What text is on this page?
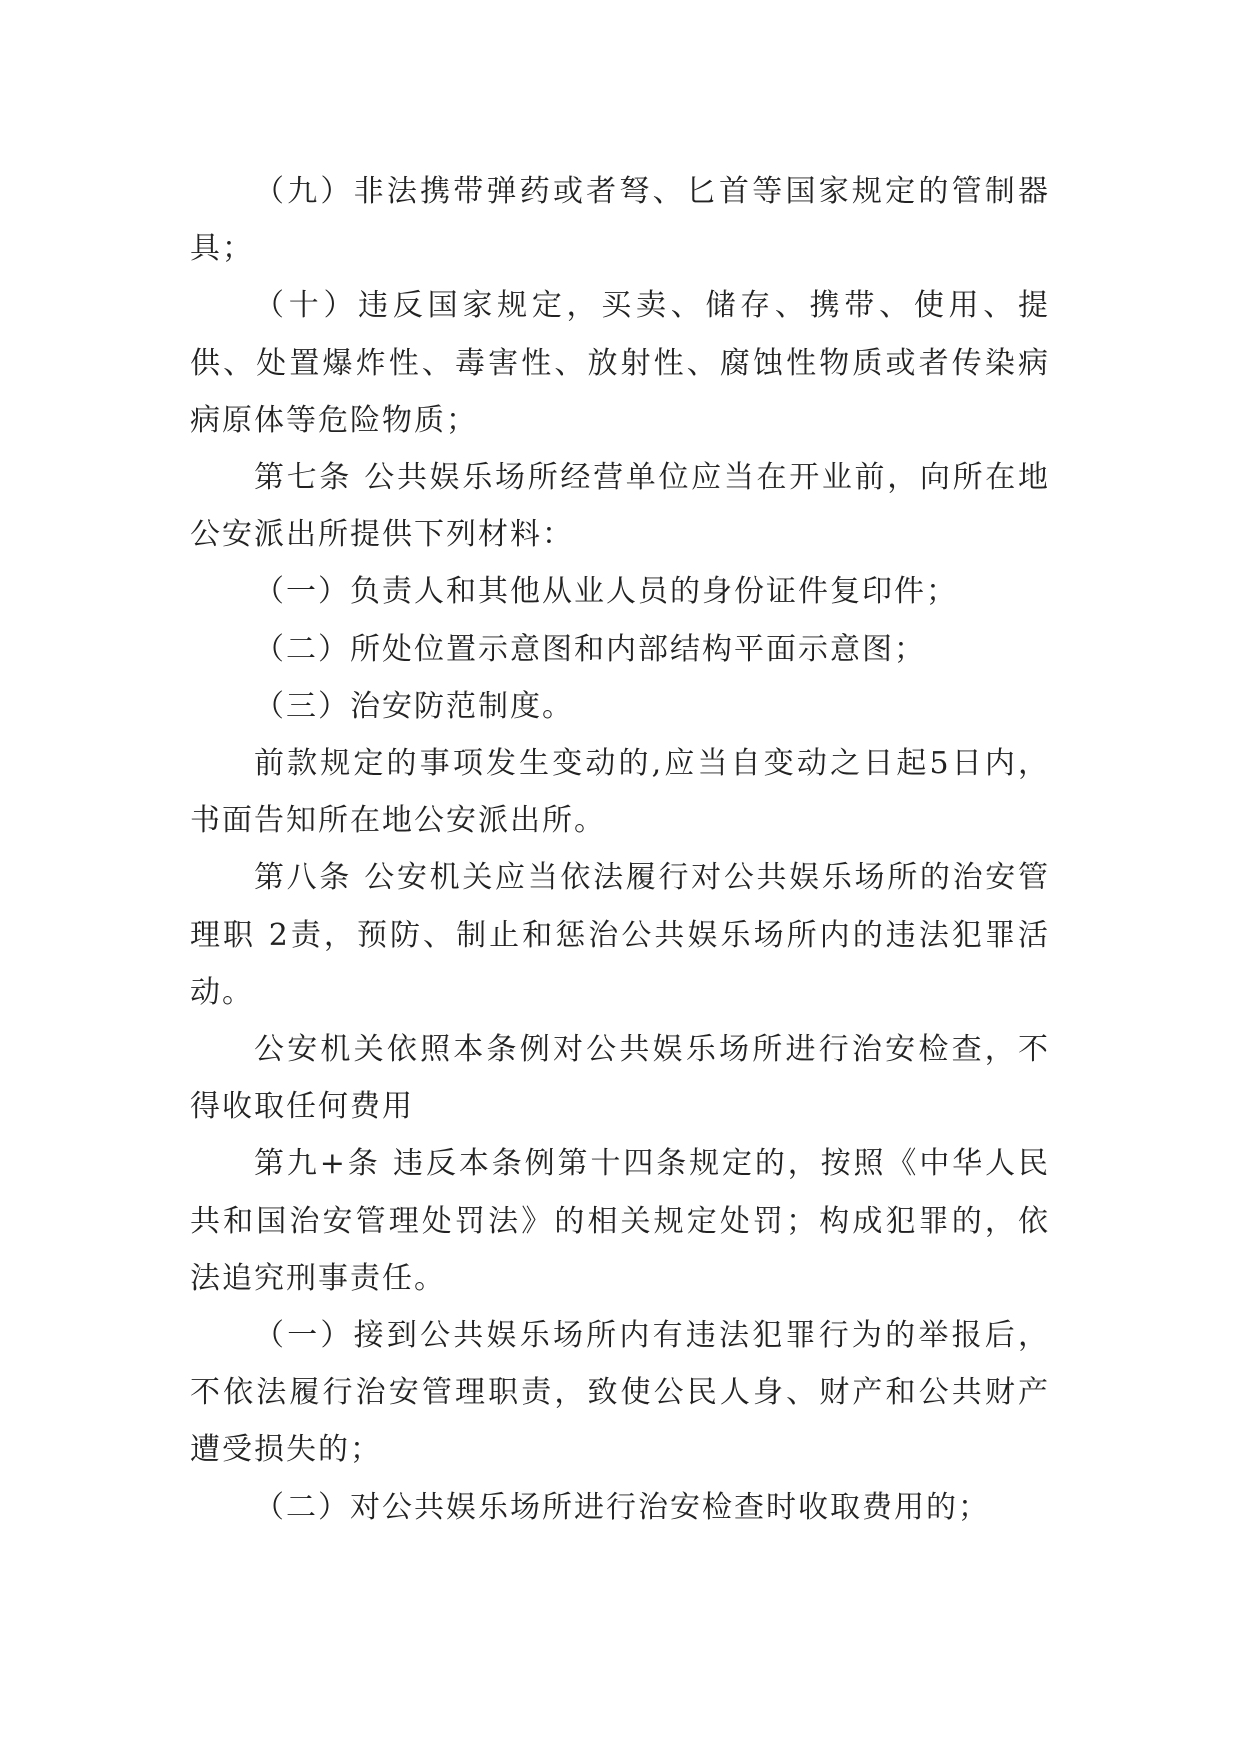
（九）非法携带弹药或者弩、匕首等国家规定的管制器具；

（十）违反国家规定，买卖、储存、携带、使用、提供、处置爆炸性、毒害性、放射性、腐蚀性物质或者传染病病原体等危险物质；

第七条 公共娱乐场所经营单位应当在开业前，向所在地公安派出所提供下列材料：

（一）负责人和其他从业人员的身份证件复印件；

（二）所处位置示意图和内部结构平面示意图；

（三）治安防范制度。

前款规定的事项发生变动的,应当自变动之日起5日内，书面告知所在地公安派出所。

第八条 公安机关应当依法履行对公共娱乐场所的治安管理职 2责，预防、制止和惩治公共娱乐场所内的违法犯罪活动。

公安机关依照本条例对公共娱乐场所进行治安检查，不得收取任何费用

第九+条 违反本条例第十四条规定的，按照《中华人民共和国治安管理处罚法》的相关规定处罚；构成犯罪的，依法追究刑事责任。

（一）接到公共娱乐场所内有违法犯罪行为的举报后，不依法履行治安管理职责，致使公民人身、财产和公共财产遭受损失的；

（二）对公共娱乐场所进行治安检查时收取费用的；
